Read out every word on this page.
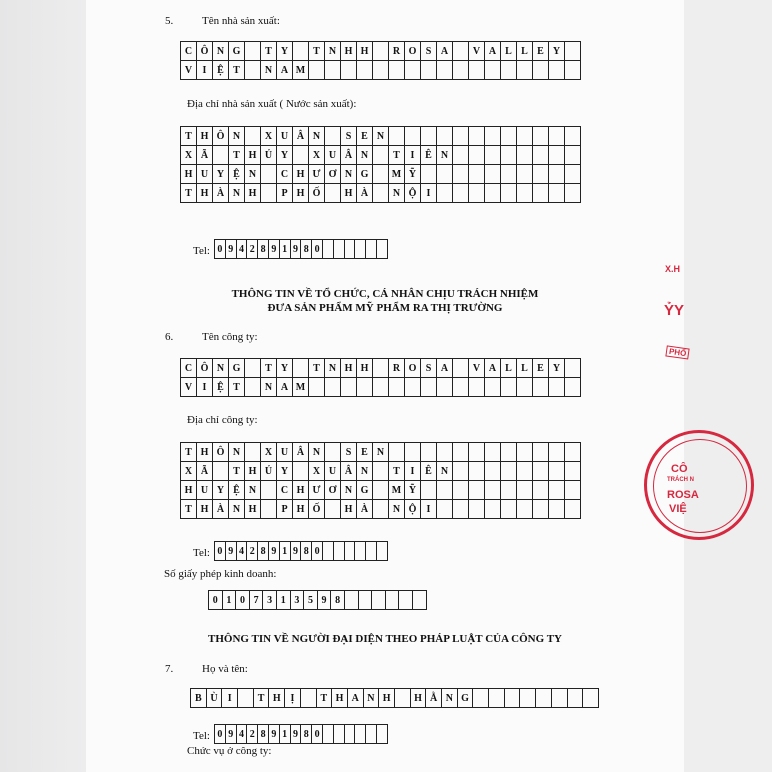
5.	Tên nhà sản xuất:
C Ô N G	T Y	T N H H	R O S A	V A L L E Y
V	I	Ệ T	N A M
Địa chỉ nhà sản xuất ( Nước sản xuất):
T H Ô N	X U Â N	S E N
X Ã	T H Ủ Y	X U Â N	T	I	Ê N
H U Y Ệ N	C H Ư Ơ N G	M Ỹ
T H À N H	P H Ố	H À	N Ộ	I
Tel: 0 9 4 2 8 9 1 9 8 0
THÔNG TIN VỀ TỔ CHỨC, CÁ NHÂN CHỊU TRÁCH NHIỆM
ĐƯA SẢN PHẨM MỸ PHẨM RA THỊ TRƯỜNG
6.	Tên công ty:
C Ô N G	T Y	T N H H	R O S A	V A L L E Y
V	I	Ệ T	N A M
Địa chỉ công ty:
T H Ô N	X U Â N	S E N
X Ã	T H Ủ Y	X U Â N	T	I	Ê N
H U Y Ệ N	C H Ư Ơ N G	M Ỹ
T H À N H	P H Ố	H À	N Ộ	I
Tel: 0 9 4 2 8 9 1 9 8 0
Số giấy phép kinh doanh:
0 1 0 7 3 1 3 5 9 8
THÔNG TIN VỀ NGƯỜI ĐẠI DIỆN THEO PHÁP LUẬT CỦA CÔNG TY
7.	Họ và tên:
B Ù	I	T H Ị	T H A N H	H Ằ N G
Tel: 0 9 4 2 8 9 1 9 8 0
Chức vụ ở công ty:
X.H
ỶY
PHỐ
CÔ
TRÁCH N
ROSA
VIỆ
